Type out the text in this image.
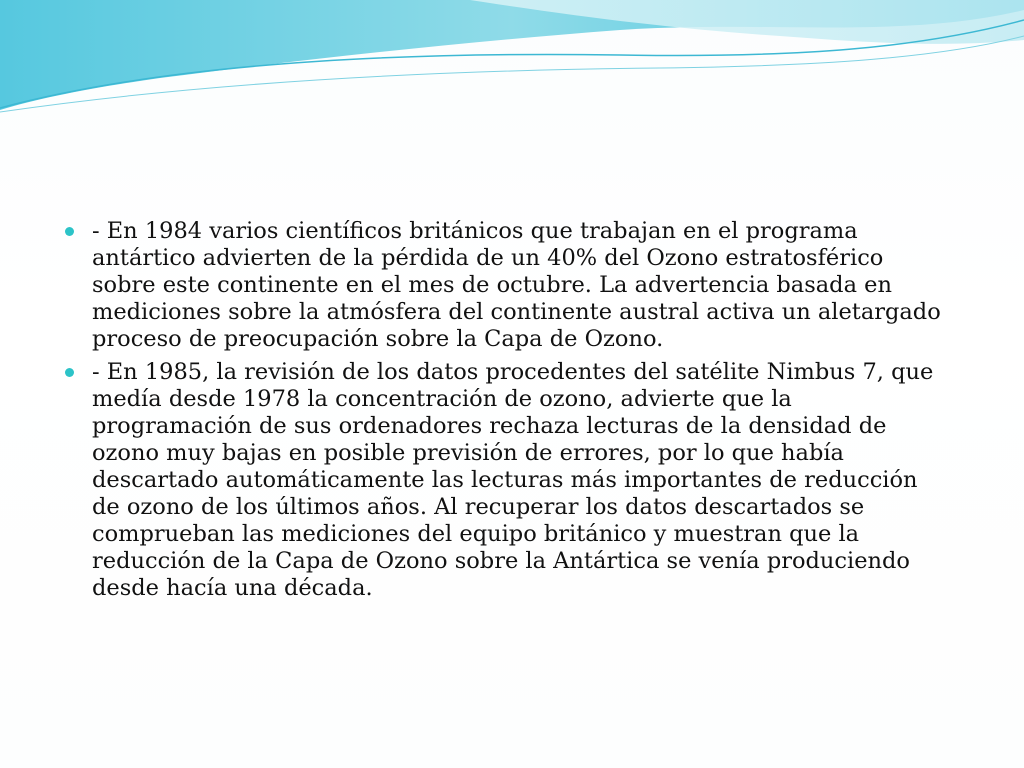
- En 1984 varios científicos británicos que trabajan en el programa antártico advierten de la pérdida de un 40% del Ozono estratosférico sobre este continente en el mes de octubre. La advertencia basada en mediciones sobre la atmósfera del continente austral activa un aletargado proceso de preocupación sobre la Capa de Ozono.
- En 1985, la revisión de los datos procedentes del satélite Nimbus 7, que medía desde 1978 la concentración de ozono, advierte que la programación de sus ordenadores rechaza lecturas de la densidad de ozono muy bajas en posible previsión de errores, por lo que había descartado automáticamente las lecturas más importantes de reducción de ozono de los últimos años. Al recuperar los datos descartados se comprueban las mediciones del equipo británico y muestran que la reducción de la Capa de Ozono sobre la Antártica se venía produciendo desde hacía una década.
